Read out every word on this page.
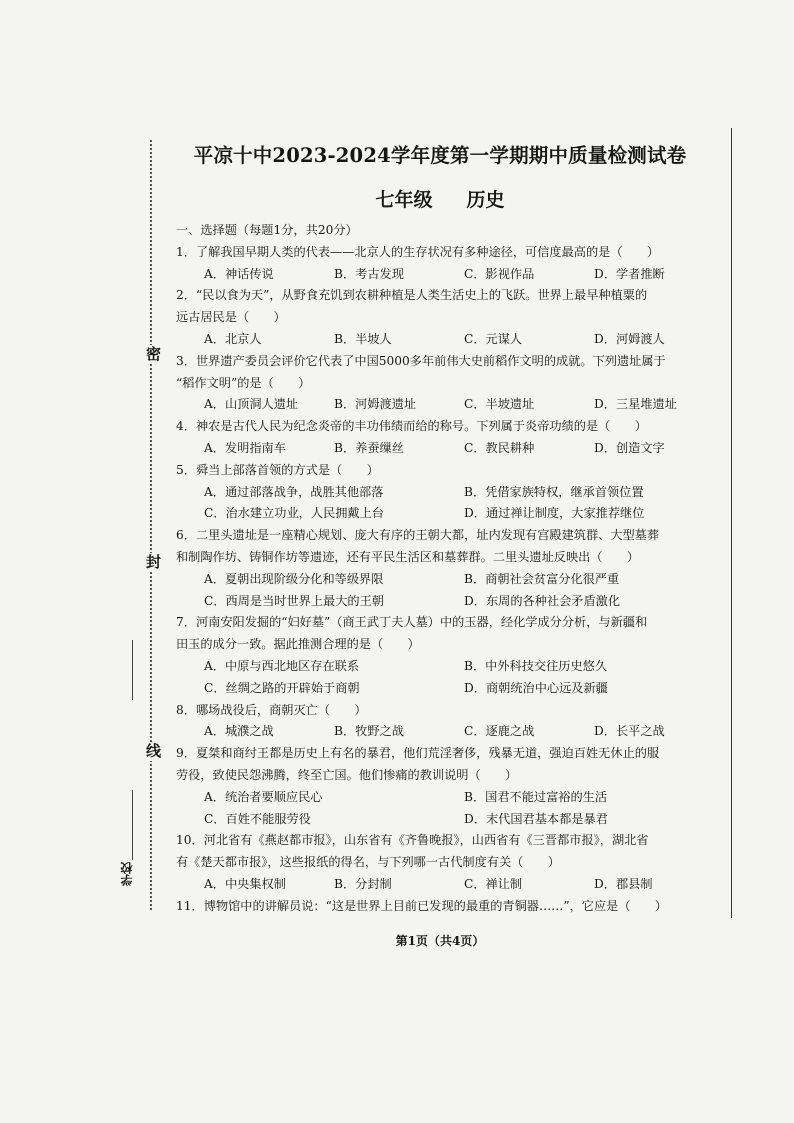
密
封
线
学校
平凉十中2023-2024学年度第一学期期中质量检测试卷
七年级 历史
一、选择题（每题1分，共20分）
1．了解我国早期人类的代表——北京人的生存状况有多种途径，可信度最高的是（　　）
A．神话传说	B．考古发现	C．影视作品	D．学者推断
2．“民以食为天”，从野食充饥到农耕种植是人类生活史上的飞跃。世界上最早种植粟的
远古居民是（　　）
A．北京人	B．半坡人	C．元谋人	D．河姆渡人
3．世界遗产委员会评价它代表了中国5000多年前伟大史前稻作文明的成就。下列遗址属于
“稻作文明”的是（　　）
A．山顶洞人遗址	B．河姆渡遗址	C．半坡遗址	D．三星堆遗址
4．神农是古代人民为纪念炎帝的丰功伟绩而给的称号。下列属于炎帝功绩的是（　　）
A．发明指南车	B．养蚕缫丝	C．教民耕种	D．创造文字
5．舜当上部落首领的方式是（　　）
A．通过部落战争，战胜其他部落	B．凭借家族特权，继承首领位置
C．治水建立功业，人民拥戴上台	D．通过禅让制度，大家推荐继位
6．二里头遗址是一座精心规划、庞大有序的王朝大都，址内发现有宫殿建筑群、大型墓葬
和制陶作坊、铸铜作坊等遗迹，还有平民生活区和墓葬群。二里头遗址反映出（　　）
A．夏朝出现阶级分化和等级界限	B．商朝社会贫富分化很严重
C．西周是当时世界上最大的王朝	D．东周的各种社会矛盾激化
7．河南安阳发掘的“妇好墓”（商王武丁夫人墓）中的玉器，经化学成分分析，与新疆和
田玉的成分一致。据此推测合理的是（　　）
A．中原与西北地区存在联系	B．中外科技交往历史悠久
C．丝绸之路的开辟始于商朝	D．商朝统治中心远及新疆
8．哪场战役后，商朝灭亡（　　）
A．城濮之战	B．牧野之战	C．逐鹿之战	D．长平之战
9．夏桀和商纣王都是历史上有名的暴君，他们荒淫奢侈，残暴无道，强迫百姓无休止的服
劳役，致使民怨沸腾，终至亡国。他们惨痛的教训说明（　　）
A．统治者要顺应民心	B．国君不能过富裕的生活
C．百姓不能服劳役	D．末代国君基本都是暴君
10．河北省有《燕赵都市报》，山东省有《齐鲁晚报》，山西省有《三晋都市报》，湖北省
有《楚天都市报》，这些报纸的得名，与下列哪一古代制度有关（　　）
A．中央集权制	B．分封制	C．禅让制	D．郡县制
11．博物馆中的讲解员说：“这是世界上目前已发现的最重的青铜器……”，它应是（　　）
第1页（共4页）
